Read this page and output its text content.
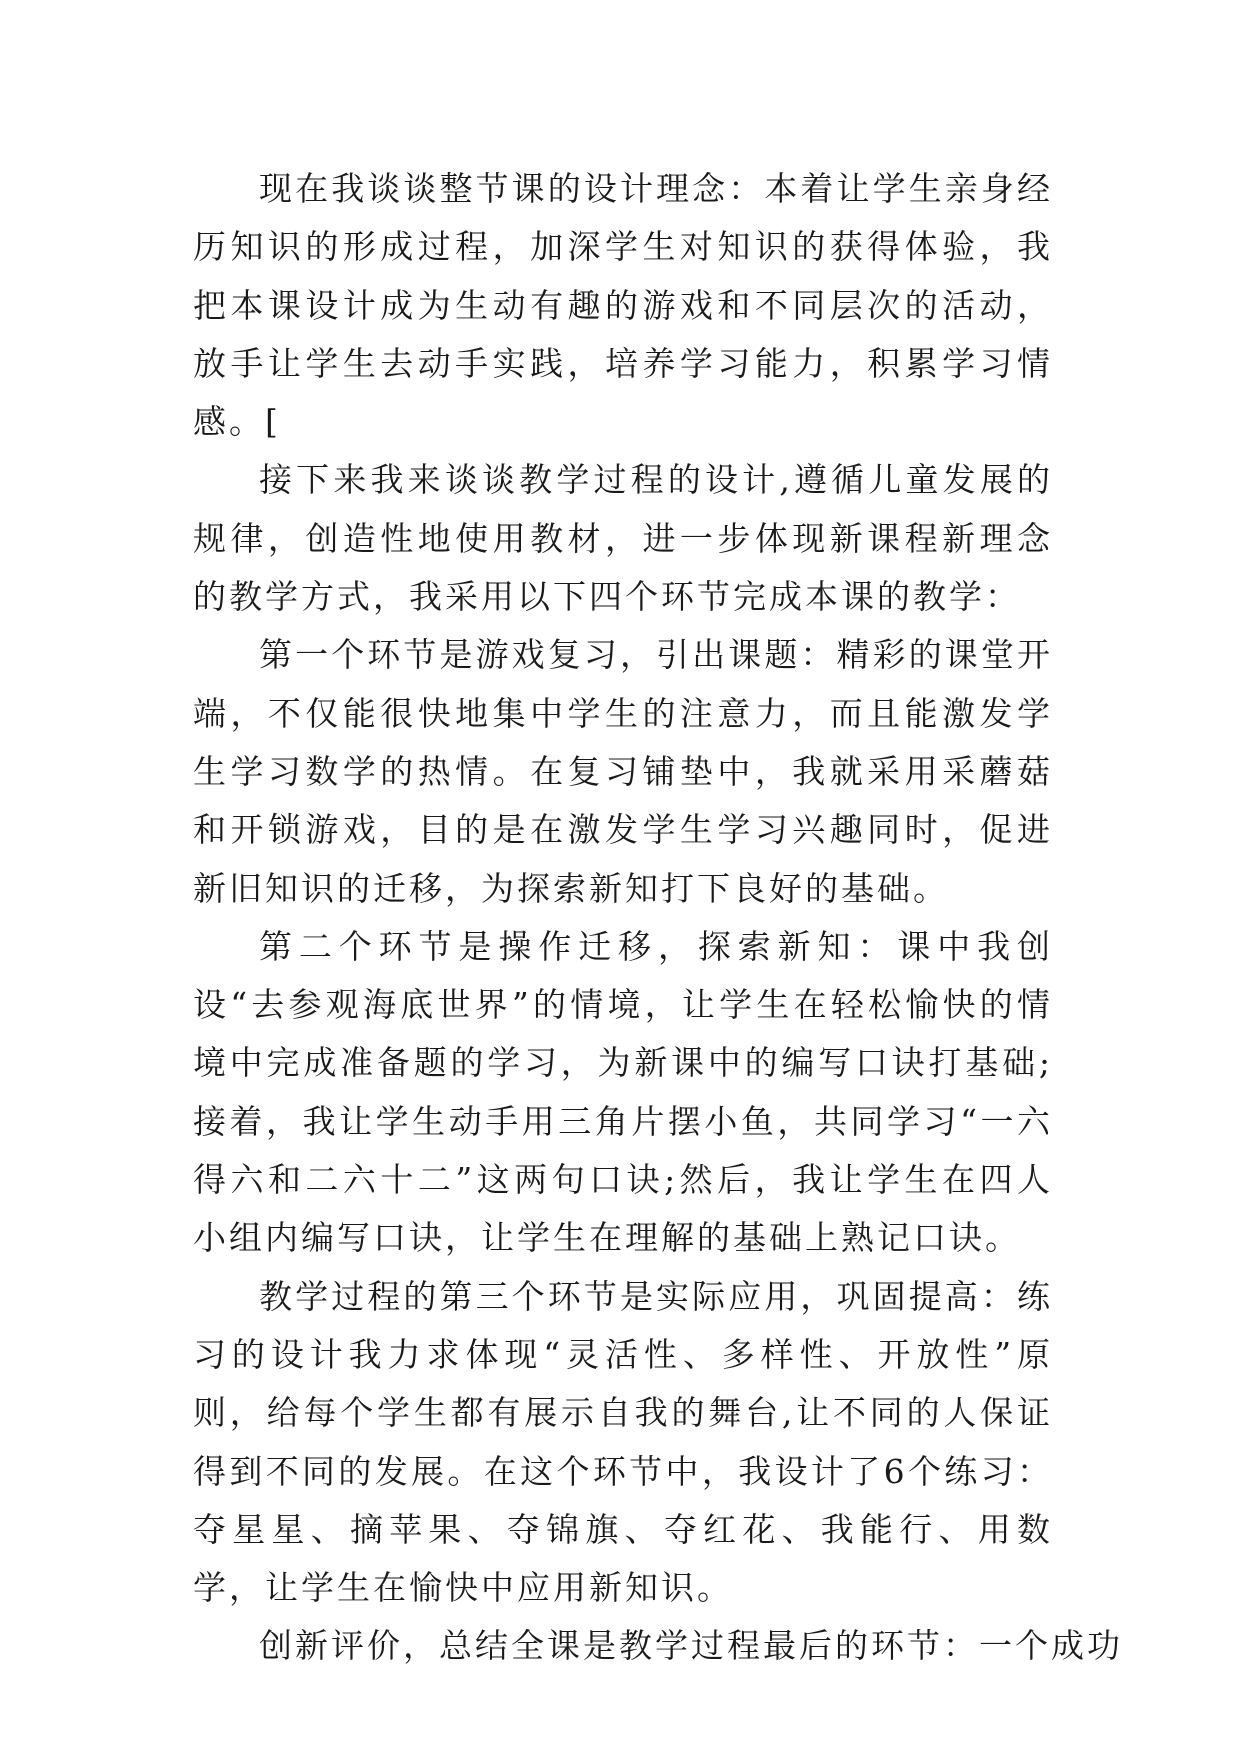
现在我谈谈整节课的设计理念：本着让学生亲身经历知识的形成过程，加深学生对知识的获得体验，我把本课设计成为生动有趣的游戏和不同层次的活动，放手让学生去动手实践，培养学习能力，积累学习情感。[

接下来我来谈谈教学过程的设计,遵循儿童发展的规律，创造性地使用教材，进一步体现新课程新理念的教学方式，我采用以下四个环节完成本课的教学：

第一个环节是游戏复习，引出课题：精彩的课堂开端，不仅能很快地集中学生的注意力，而且能激发学生学习数学的热情。在复习铺垫中，我就采用采蘑菇和开锁游戏，目的是在激发学生学习兴趣同时，促进新旧知识的迁移，为探索新知打下良好的基础。

第二个环节是操作迁移，探索新知：课中我创设“去参观海底世界”的情境，让学生在轻松愉快的情境中完成准备题的学习，为新课中的编写口诀打基础;接着，我让学生动手用三角片摆小鱼，共同学习“一六得六和二六十二”这两句口诀;然后，我让学生在四人小组内编写口诀，让学生在理解的基础上熟记口诀。

教学过程的第三个环节是实际应用，巩固提高：练习的设计我力求体现“灵活性、多样性、开放性”原则，给每个学生都有展示自我的舞台,让不同的人保证得到不同的发展。在这个环节中，我设计了6个练习：夺星星、摘苹果、夺锦旗、夺红花、我能行、用数学，让学生在愉快中应用新知识。

创新评价，总结全课是教学过程最后的环节：一个成功
